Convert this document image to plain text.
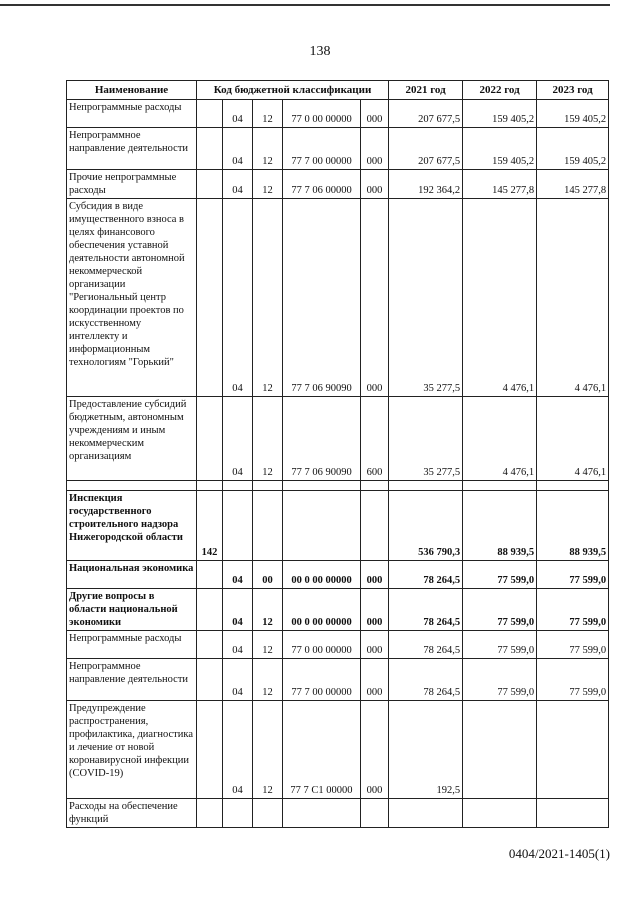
138
Наименование	Код бюджетной классификации					2021 год	2022 год	2023 год
Непрограммные расходы		04	12	77 0 00 00000	000	207 677,5	159 405,2	159 405,2
Непрограммное направление деятельности		04	12	77 7 00 00000	000	207 677,5	159 405,2	159 405,2
Прочие непрограммные расходы		04	12	77 7 06 00000	000	192 364,2	145 277,8	145 277,8
Субсидия в виде имущественного взноса в целях финансового обеспечения уставной деятельности автономной некоммерческой организации "Региональный центр координации проектов по искусственному интеллекту и информационным технологиям "Горький"		04	12	77 7 06 90090	000	35 277,5	4 476,1	4 476,1
Предоставление субсидий бюджетным, автономным учреждениям и иным некоммерческим организациям		04	12	77 7 06 90090	600	35 277,5	4 476,1	4 476,1

Инспекция государственного строительного надзора Нижегородской области	142					536 790,3	88 939,5	88 939,5
Национальная экономика		04	00	00 0 00 00000	000	78 264,5	77 599,0	77 599,0
Другие вопросы в области национальной экономики		04	12	00 0 00 00000	000	78 264,5	77 599,0	77 599,0
Непрограммные расходы		04	12	77 0 00 00000	000	78 264,5	77 599,0	77 599,0
Непрограммное направление деятельности		04	12	77 7 00 00000	000	78 264,5	77 599,0	77 599,0
Предупреждение распространения, профилактика, диагностика и лечение от новой коронавирусной инфекции (COVID-19)		04	12	77 7 С1 00000	000	192,5		
Расходы на обеспечение функций								
0404/2021-1405(1)
